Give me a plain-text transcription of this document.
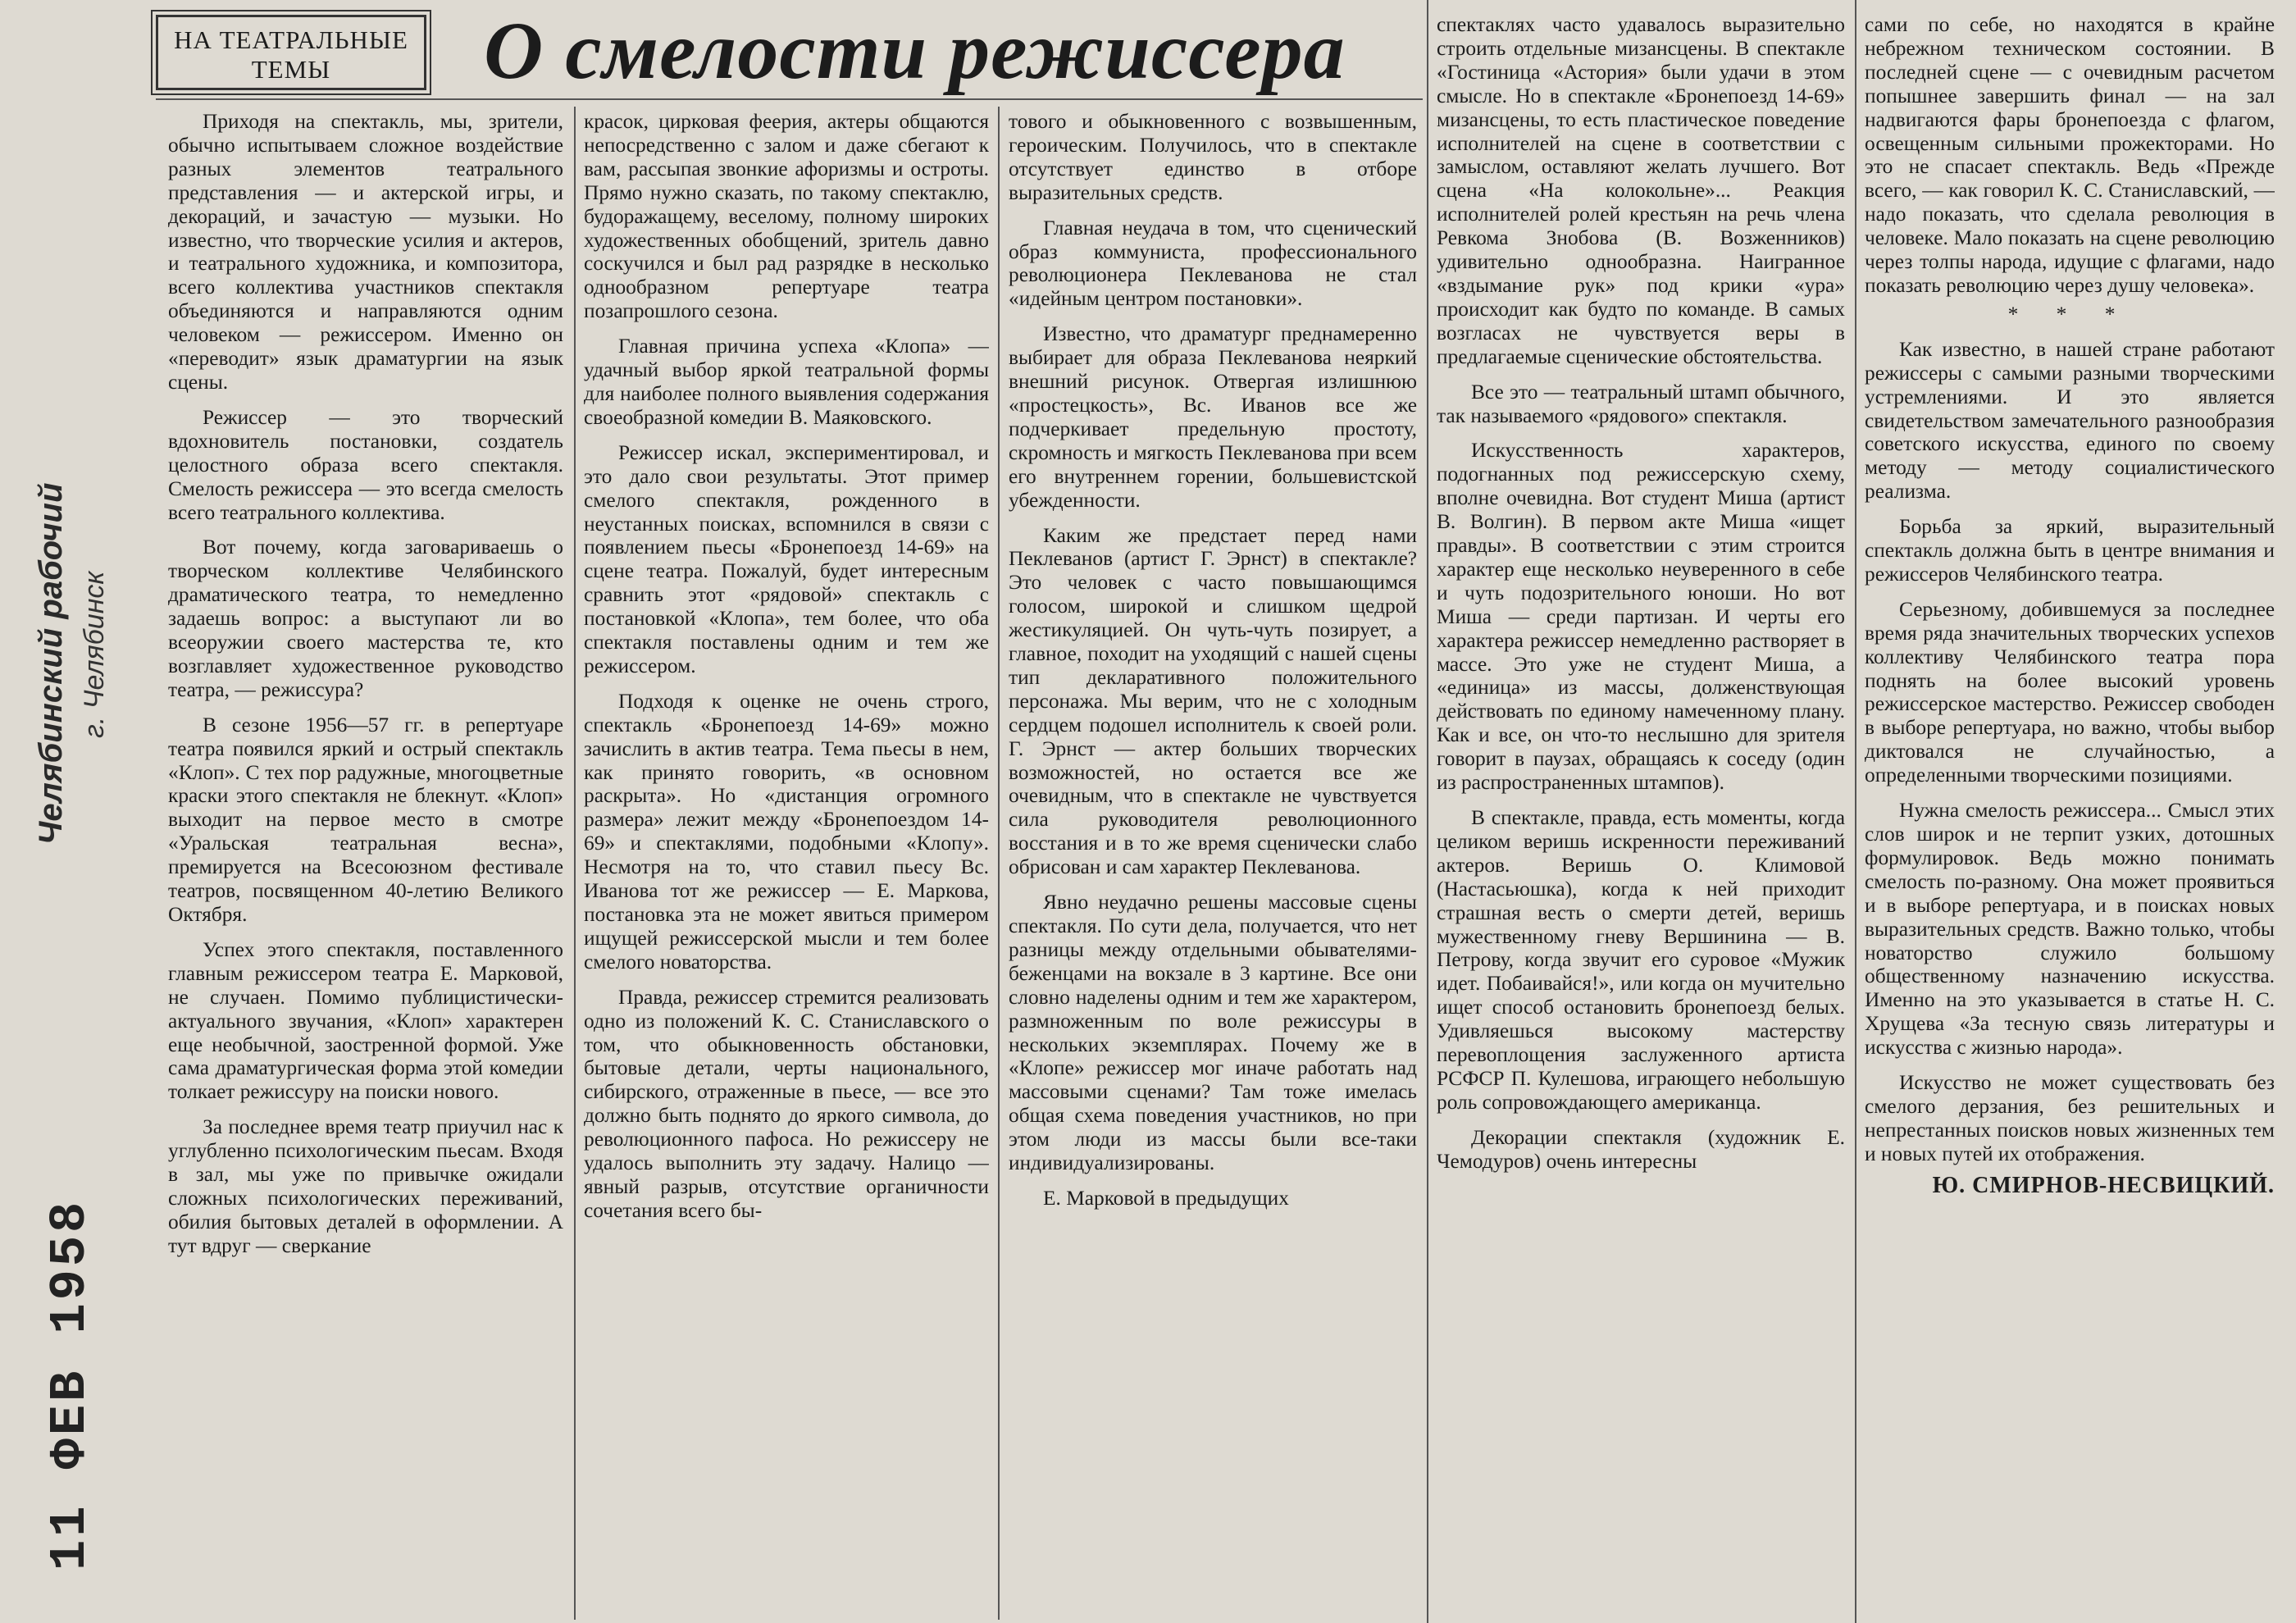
Челябинский рабочий г. Челябинск
11 ФЕВ 1958
НА ТЕАТРАЛЬНЫЕ
ТЕМЫ	О смелости режиссера

Приходя на спектакль, мы, зрители, обычно испытываем сложное воздействие разных элементов театрального представления — и актерской игры, и декораций, и зачастую — музыки. Но известно, что творческие усилия и актеров, и театрального художника, и композитора, всего коллектива участников спектакля объединяются и направляются одним человеком — режиссером. Именно он «переводит» язык драматургии на язык сцены.

Режиссер — это творческий вдохновитель постановки, создатель целостного образа всего спектакля. Смелость режиссера — это всегда смелость всего театрального коллектива.

Вот почему, когда заговариваешь о творческом коллективе Челябинского драматического театра, то немедленно задаешь вопрос: а выступают ли во всеоружии своего мастерства те, кто возглавляет художественное руководство театра, — режиссура?

В сезоне 1956—57 гг. в репертуаре театра появился яркий и острый спектакль «Клоп». С тех пор радужные, многоцветные краски этого спектакля не блекнут. «Клоп» выходит на первое место в смотре «Уральская театральная весна», премируется на Всесоюзном фестивале театров, посвященном 40-летию Великого Октября.

Успех этого спектакля, поставленного главным режиссером театра Е. Марковой, не случаен. Помимо публицистически-актуального звучания, «Клоп» характерен еще необычной, заостренной формой. Уже сама драматургическая форма этой комедии толкает режиссуру на поиски нового.

За последнее время театр приучил нас к углубленно психологическим пьесам. Входя в зал, мы уже по привычке ожидали сложных психологических переживаний, обилия бытовых деталей в оформлении. А тут вдруг — сверкание

красок, цирковая феерия, актеры общаются непосредственно с залом и даже сбегают к вам, рассыпая звонкие афоризмы и остроты. Прямо нужно сказать, по такому спектаклю, будоражащему, веселому, полному широких художественных обобщений, зритель давно соскучился и был рад разрядке в несколько однообразном репертуаре театра позапрошлого сезона.

Главная причина успеха «Клопа» — удачный выбор яркой театральной формы для наиболее полного выявления содержания своеобразной комедии В. Маяковского.

Режиссер искал, экспериментировал, и это дало свои результаты. Этот пример смелого спектакля, рожденного в неустанных поисках, вспомнился в связи с появлением пьесы «Бронепоезд 14-69» на сцене театра. Пожалуй, будет интересным сравнить этот «рядовой» спектакль с постановкой «Клопа», тем более, что оба спектакля поставлены одним и тем же режиссером.

Подходя к оценке не очень строго, спектакль «Бронепоезд 14-69» можно зачислить в актив театра. Тема пьесы в нем, как принято говорить, «в основном раскрыта». Но «дистанция огромного размера» лежит между «Бронепоездом 14-69» и спектаклями, подобными «Клопу». Несмотря на то, что ставил пьесу Вс. Иванова тот же режиссер — Е. Маркова, постановка эта не может явиться примером ищущей режиссерской мысли и тем более смелого новаторства.

Правда, режиссер стремится реализовать одно из положений К. С. Станиславского о том, что обыкновенность обстановки, бытовые детали, черты национального, сибирского, отраженные в пьесе, — все это должно быть поднято до яркого символа, до революционного пафоса. Но режиссеру не удалось выполнить эту задачу. Налицо — явный разрыв, отсутствие органичности сочетания всего бы-

тового и обыкновенного с возвышенным, героическим. Получилось, что в спектакле отсутствует единство в отборе выразительных средств.

Главная неудача в том, что сценический образ коммуниста, профессионального революционера Пеклеванова не стал «идейным центром постановки».

Известно, что драматург преднамеренно выбирает для образа Пеклеванова неяркий внешний рисунок. Отвергая излишнюю «простецкость», Вс. Иванов все же подчеркивает предельную простоту, скромность и мягкость Пеклеванова при всем его внутреннем горении, большевистской убежденности.

Каким же предстает перед нами Пеклеванов (артист Г. Эрнст) в спектакле? Это человек с часто повышающимся голосом, широкой и слишком щедрой жестикуляцией. Он чуть-чуть позирует, а главное, походит на уходящий с нашей сцены тип декларативного положительного персонажа. Мы верим, что не с холодным сердцем подошел исполнитель к своей роли. Г. Эрнст — актер больших творческих возможностей, но остается все же очевидным, что в спектакле не чувствуется сила руководителя революционного восстания и в то же время сценически слабо обрисован и сам характер Пеклеванова.

Явно неудачно решены массовые сцены спектакля. По сути дела, получается, что нет разницы между отдельными обывателями-беженцами на вокзале в 3 картине. Все они словно наделены одним и тем же характером, размноженным по воле режиссуры в нескольких экземплярах. Почему же в «Клопе» режиссер мог иначе работать над массовыми сценами? Там тоже имелась общая схема поведения участников, но при этом люди из массы были все-таки индивидуализированы.

Е. Марковой в предыдущих

спектаклях часто удавалось выразительно строить отдельные мизансцены. В спектакле «Гостиница «Астория» были удачи в этом смысле. Но в спектакле «Бронепоезд 14-69» мизансцены, то есть пластическое поведение исполнителей на сцене в соответствии с замыслом, оставляют желать лучшего. Вот сцена «На колокольне»... Реакция исполнителей ролей крестьян на речь члена Ревкома Знобова (В. Возженников) удивительно однообразна. Наигранное «вздымание рук» под крики «ура» происходит как будто по команде. В самых возгласах не чувствуется веры в предлагаемые сценические обстоятельства.

Все это — театральный штамп обычного, так называемого «рядового» спектакля.

Искусственность характеров, подогнанных под режиссерскую схему, вполне очевидна. Вот студент Миша (артист В. Волгин). В первом акте Миша «ищет правды». В соответствии с этим строится характер еще несколько неуверенного в себе и чуть подозрительного юноши. Но вот Миша — среди партизан. И черты его характера режиссер немедленно растворяет в массе. Это уже не студент Миша, а «единица» из массы, долженствующая действовать по единому намеченному плану. Как и все, он что-то неслышно для зрителя говорит в паузах, обращаясь к соседу (один из распространенных штампов).

В спектакле, правда, есть моменты, когда целиком веришь искренности переживаний актеров. Веришь О. Климовой (Настасьюшка), когда к ней приходит страшная весть о смерти детей, веришь мужественному гневу Вершинина — В. Петрову, когда звучит его суровое «Мужик идет. Побаивайся!», или когда он мучительно ищет способ остановить бронепоезд белых. Удивляешься высокому мастерству перевоплощения заслуженного артиста РСФСР П. Кулешова, играющего небольшую роль сопровождающего американца.

Декорации спектакля (художник Е. Чемодуров) очень интересны

сами по себе, но находятся в крайне небрежном техническом состоянии. В последней сцене — с очевидным расчетом попышнее завершить финал — на зал надвигаются фары бронепоезда с флагом, освещенным сильными прожекторами. Но это не спасает спектакль. Ведь «Прежде всего, — как говорил К. С. Станиславский, — надо показать, что сделала революция в человеке. Мало показать на сцене революцию через толпы народа, идущие с флагами, надо показать революцию через душу человека».

* * *

Как известно, в нашей стране работают режиссеры с самыми разными творческими устремлениями. И это является свидетельством замечательного разнообразия советского искусства, единого по своему методу — методу социалистического реализма.

Борьба за яркий, выразительный спектакль должна быть в центре внимания и режиссеров Челябинского театра.

Серьезному, добившемуся за последнее время ряда значительных творческих успехов коллективу Челябинского театра пора поднять на более высокий уровень режиссерское мастерство. Режиссер свободен в выборе репертуара, но важно, чтобы выбор диктовался не случайностью, а определенными творческими позициями.

Нужна смелость режиссера... Смысл этих слов широк и не терпит узких, дотошных формулировок. Ведь можно понимать смелость по-разному. Она может проявиться и в выборе репертуара, и в поисках новых выразительных средств. Важно только, чтобы новаторство служило большому общественному назначению искусства. Именно на это указывается в статье Н. С. Хрущева «За тесную связь литературы и искусства с жизнью народа».

Искусство не может существовать без смелого дерзания, без решительных и непрестанных поисков новых жизненных тем и новых путей их отображения.

Ю. СМИРНОВ-НЕСВИЦКИЙ.
